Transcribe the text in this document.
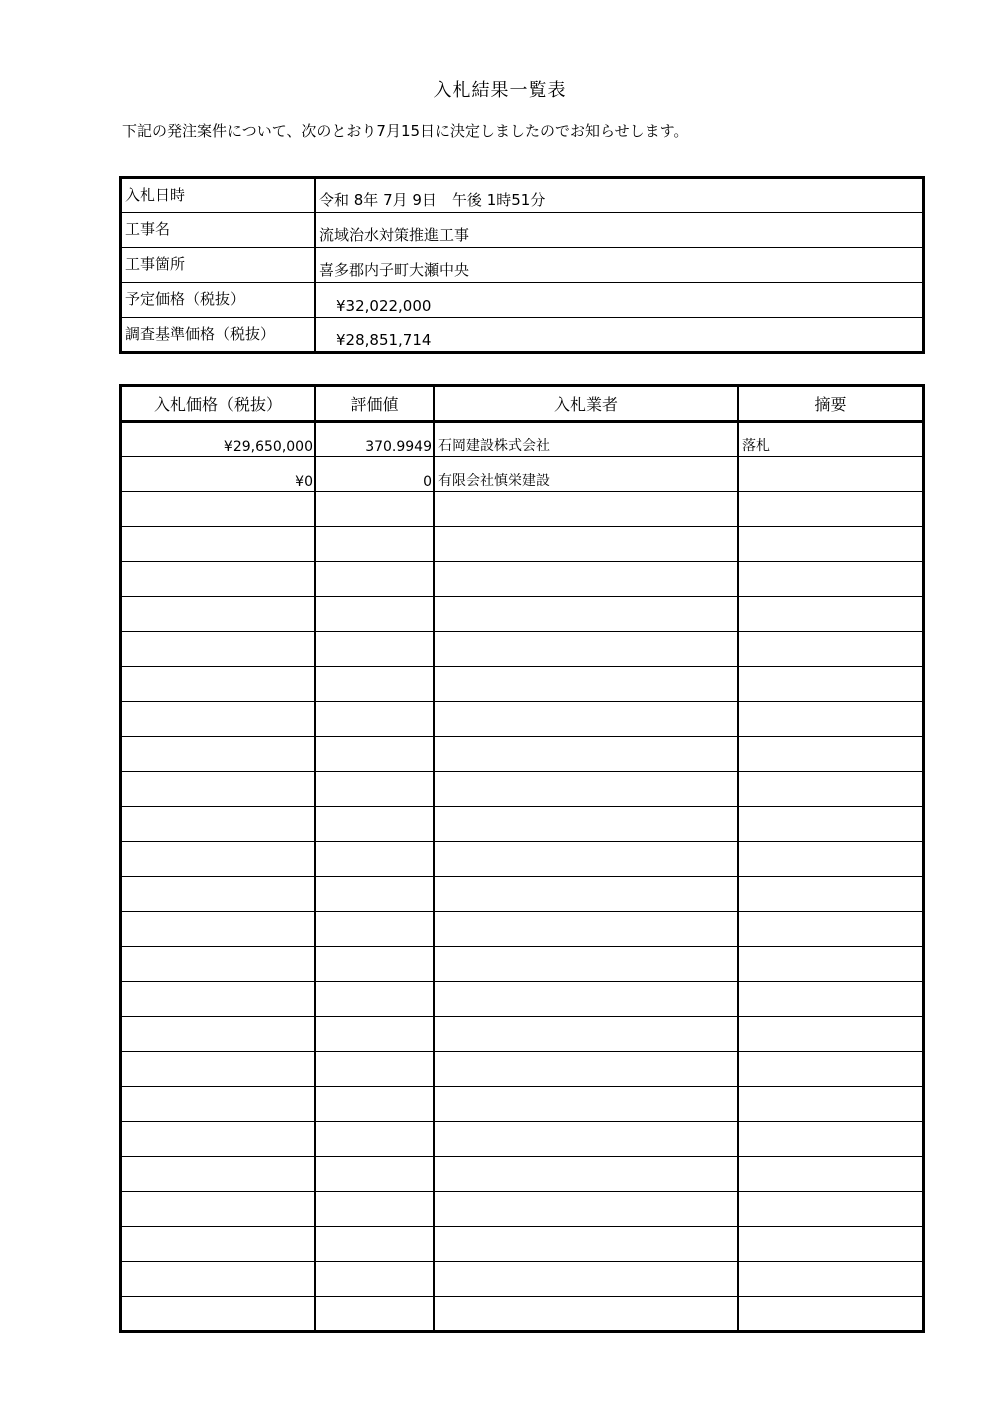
入札結果一覧表
下記の発注案件について、次のとおり7月15日に決定しましたのでお知らせします。
入札日時	令和 8年 7月 9日　午後 1時51分
工事名	流域治水対策推進工事
工事箇所	喜多郡内子町大瀬中央
予定価格（税抜）	¥32,022,000
調査基準価格（税抜）	¥28,851,714
入札価格（税抜）	評価値	入札業者	摘要
¥29,650,000	370.9949	石岡建設株式会社	落札
¥0	0	有限会社慎栄建設	
